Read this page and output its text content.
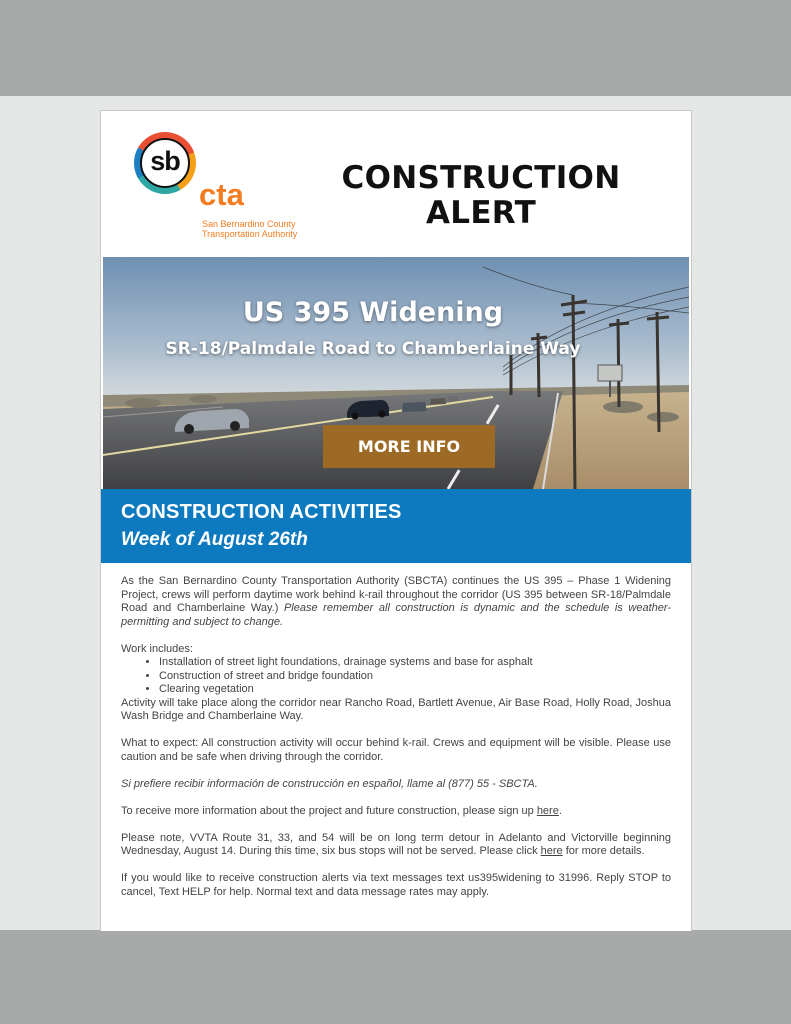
sb
cta
San Bernardino County Transportation Authority
CONSTRUCTION
ALERT
US 395 Widening
SR-18/Palmdale Road to Chamberlaine Way
MORE INFO
CONSTRUCTION ACTIVITIES
Week of August 26th

As the San Bernardino County Transportation Authority (SBCTA) continues the US 395 – Phase 1 Widening Project, crews will perform daytime work behind k-rail throughout the corridor (US 395 between SR-18/Palmdale Road and Chamberlaine Way.) Please remember all construction is dynamic and the schedule is weather-permitting and subject to change.

Work includes:

• Installation of street light foundations, drainage systems and base for asphalt
• Construction of street and bridge foundation
• Clearing vegetation

Activity will take place along the corridor near Rancho Road, Bartlett Avenue, Air Base Road, Holly Road, Joshua Wash Bridge and Chamberlaine Way.

What to expect: All construction activity will occur behind k-rail. Crews and equipment will be visible. Please use caution and be safe when driving through the corridor.

Si prefiere recibir información de construcción en español, llame al (877) 55 - SBCTA.

To receive more information about the project and future construction, please sign up here.

Please note, VVTA Route 31, 33, and 54 will be on long term detour in Adelanto and Victorville beginning Wednesday, August 14. During this time, six bus stops will not be served. Please click here for more details.

If you would like to receive construction alerts via text messages text us395widening to 31996. Reply STOP to cancel, Text HELP for help. Normal text and data message rates may apply.
